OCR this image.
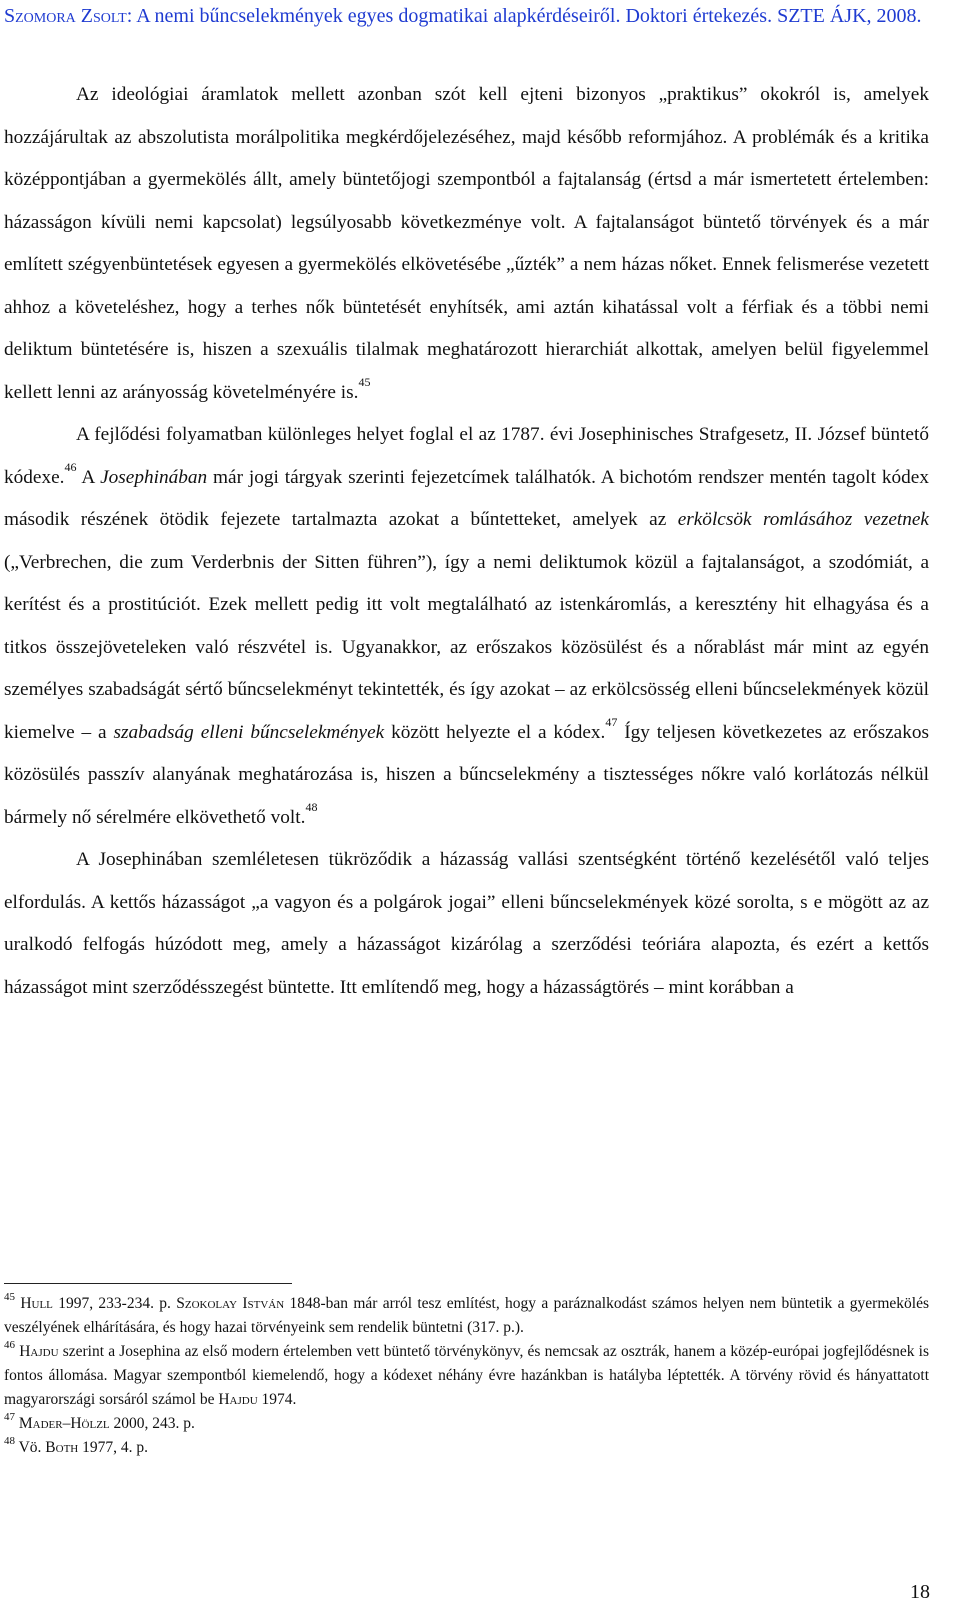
Szomora Zsolt: A nemi bűncselekmények egyes dogmatikai alapkérdéseiről. Doktori értekezés. SZTE ÁJK, 2008.

Az ideológiai áramlatok mellett azonban szót kell ejteni bizonyos „praktikus” okokról is, amelyek hozzájárultak az abszolutista morálpolitika megkérdőjelezéséhez, majd később reformjához. A problémák és a kritika középpontjában a gyermekölés állt, amely büntetőjogi szempontból a fajtalanság (értsd a már ismertetett értelemben: házasságon kívüli nemi kapcsolat) legsúlyosabb következménye volt. A fajtalanságot büntető törvények és a már említett szégyenbüntetések egyesen a gyermekölés elkövetésébe „űzték” a nem házas nőket. Ennek felismerése vezetett ahhoz a követeléshez, hogy a terhes nők büntetését enyhítsék, ami aztán kihatással volt a férfiak és a többi nemi deliktum büntetésére is, hiszen a szexuális tilalmak meghatározott hierarchiát alkottak, amelyen belül figyelemmel kellett lenni az arányosság követelményére is.$^{45}$

A fejlődési folyamatban különleges helyet foglal el az 1787. évi Josephinisches Strafgesetz, II. József büntető kódexe.$^{46}$ A Josephinában már jogi tárgyak szerinti fejezetcímek találhatók. A bichotóm rendszer mentén tagolt kódex második részének ötödik fejezete tartalmazta azokat a bűntetteket, amelyek az erkölcsök romlásához vezetnek („Verbrechen, die zum Verderbnis der Sitten führen”), így a nemi deliktumok közül a fajtalanságot, a szodómiát, a kerítést és a prostitúciót. Ezek mellett pedig itt volt megtalálható az istenkáromlás, a keresztény hit elhagyása és a titkos összejöveteleken való részvétel is. Ugyanakkor, az erőszakos közösülést és a nőrablást már mint az egyén személyes szabadságát sértő bűncselekményt tekintették, és így azokat – az erkölcsösség elleni bűncselekmények közül kiemelve – a szabadság elleni bűncselekmények között helyezte el a kódex.$^{47}$ Így teljesen következetes az erőszakos közösülés passzív alanyának meghatározása is, hiszen a bűncselekmény a tisztességes nőkre való korlátozás nélkül bármely nő sérelmére elkövethető volt.$^{48}$

A Josephinában szemléletesen tükröződik a házasság vallási szentségként történő kezelésétől való teljes elfordulás. A kettős házasságot „a vagyon és a polgárok jogai” elleni bűncselekmények közé sorolta, s e mögött az az uralkodó felfogás húzódott meg, amely a házasságot kizárólag a szerződési teóriára alapozta, és ezért a kettős házasságot mint szerződésszegést büntette. Itt említendő meg, hogy a házasságtörés – mint korábban a

$^{45}$ Hull 1997, 233-234. p. Szokolay István 1848-ban már arról tesz említést, hogy a paráznalkodást számos helyen nem büntetik a gyermekölés veszélyének elhárítására, és hogy hazai törvényeink sem rendelik büntetni (317. p.).

$^{46}$ Hajdu szerint a Josephina az első modern értelemben vett büntető törvénykönyv, és nemcsak az osztrák, hanem a közép-európai jogfejlődésnek is fontos állomása. Magyar szempontból kiemelendő, hogy a kódexet néhány évre hazánkban is hatályba léptették. A törvény rövid és hányattatott magyarországi sorsáról számol be Hajdu 1974.

$^{47}$ Mader–Hölzl 2000, 243. p.

$^{48}$ Vö. Both 1977, 4. p.

18
